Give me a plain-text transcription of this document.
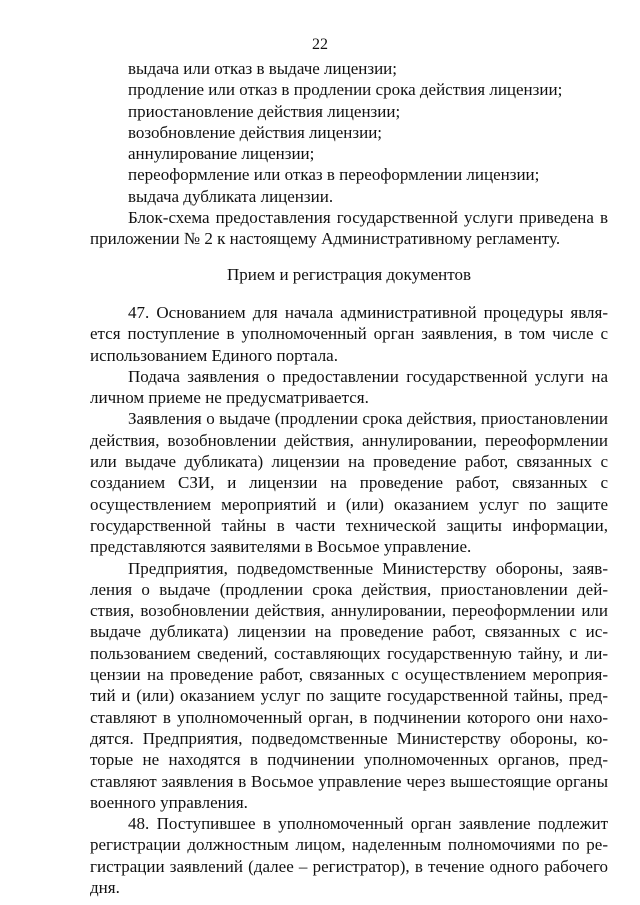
22

выдача или отказ в выдаче лицензии;

продление или отказ в продлении срока действия лицензии;

приостановление действия лицензии;

возобновление действия лицензии;

аннулирование лицензии;

переоформление или отказ в переоформлении лицензии;

выдача дубликата лицензии.

Блок-схема предоставления государственной услуги приведена в приложении № 2 к настоящему Административному регламенту.

Прием и регистрация документов

47. Основанием для начала административной процедуры является поступление в уполномоченный орган заявления, в том числе с использованием Единого портала.

Подача заявления о предоставлении государственной услуги на личном приеме не предусматривается.

Заявления о выдаче (продлении срока действия, приостановлении действия, возобновлении действия, аннулировании, переоформлении или выдаче дубликата) лицензии на проведение работ, связанных с созданием СЗИ, и лицензии на проведение работ, связанных с осуществлением мероприятий и (или) оказанием услуг по защите государственной тайны в части технической защиты информации, представляются заявителями в Восьмое управление.

Предприятия, подведомственные Министерству обороны, заявления о выдаче (продлении срока действия, приостановлении действия, возобновлении действия, аннулировании, переоформлении или выдаче дубликата) лицензии на проведение работ, связанных с использованием сведений, составляющих государственную тайну, и лицензии на проведение работ, связанных с осуществлением мероприятий и (или) оказанием услуг по защите государственной тайны, представляют в уполномоченный орган, в подчинении которого они находятся. Предприятия, подведомственные Министерству обороны, которые не находятся в подчинении уполномоченных органов, представляют заявления в Восьмое управление через вышестоящие органы военного управления.

48. Поступившее в уполномоченный орган заявление подлежит регистрации должностным лицом, наделенным полномочиями по регистрации заявлений (далее – регистратор), в течение одного рабочего дня.
